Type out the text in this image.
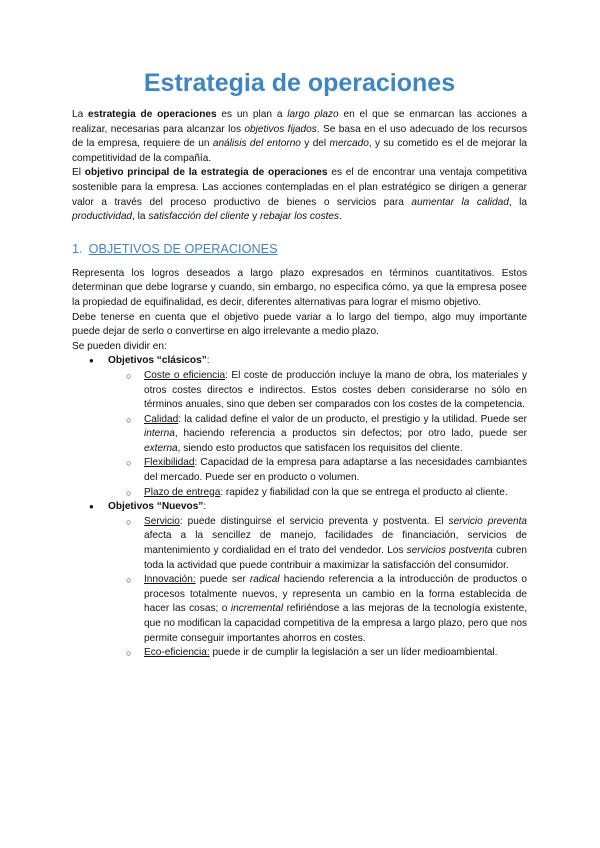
Estrategia de operaciones

La estrategia de operaciones es un plan a largo plazo en el que se enmarcan las acciones a realizar, necesarias para alcanzar los objetivos fijados. Se basa en el uso adecuado de los recursos de la empresa, requiere de un análisis del entorno y del mercado, y su cometido es el de mejorar la competitividad de la compañía.

El objetivo principal de la estrategia de operaciones es el de encontrar una ventaja competitiva sostenible para la empresa. Las acciones contempladas en el plan estratégico se dirigen a generar valor a través del proceso productivo de bienes o servicios para aumentar la calidad, la productividad, la satisfacción del cliente y rebajar los costes.

1. OBJETIVOS DE OPERACIONES

Representa los logros deseados a largo plazo expresados en términos cuantitativos. Estos determinan que debe lograrse y cuando, sin embargo, no especifica cómo, ya que la empresa posee la propiedad de equifinalidad, es decir, diferentes alternativas para lograr el mismo objetivo.

Debe tenerse en cuenta que el objetivo puede variar a lo largo del tiempo, algo muy importante puede dejar de serlo o convertirse en algo irrelevante a medio plazo.

Se pueden dividir en:

● Objetivos “clásicos”:
○ Coste o eficiencia: El coste de producción incluye la mano de obra, los materiales y otros costes directos e indirectos. Estos costes deben considerarse no sólo en términos anuales, sino que deben ser comparados con los costes de la competencia.
○ Calidad: la calidad define el valor de un producto, el prestigio y la utilidad. Puede ser interna, haciendo referencia a productos sin defectos; por otro lado, puede ser externa, siendo esto productos que satisfacen los requisitos del cliente.
○ Flexibilidad: Capacidad de la empresa para adaptarse a las necesidades cambiantes del mercado. Puede ser en producto o volumen.
○ Plazo de entrega: rapidez y fiabilidad con la que se entrega el producto al cliente.
● Objetivos “Nuevos”:
○ Servicio: puede distinguirse el servicio preventa y postventa. El servicio preventa afecta a la sencillez de manejo, facilidades de financiación, servicios de mantenimiento y cordialidad en el trato del vendedor. Los servicios postventa cubren toda la actividad que puede contribuir a maximizar la satisfacción del consumidor.
○ Innovación: puede ser radical haciendo referencia a la introducción de productos o procesos totalmente nuevos, y representa un cambio en la forma establecida de hacer las cosas; o incremental refiriéndose a las mejoras de la tecnología existente, que no modifican la capacidad competitiva de la empresa a largo plazo, pero que nos permite conseguir importantes ahorros en costes.
○ Eco-eficiencia: puede ir de cumplir la legislación a ser un líder medioambiental.
